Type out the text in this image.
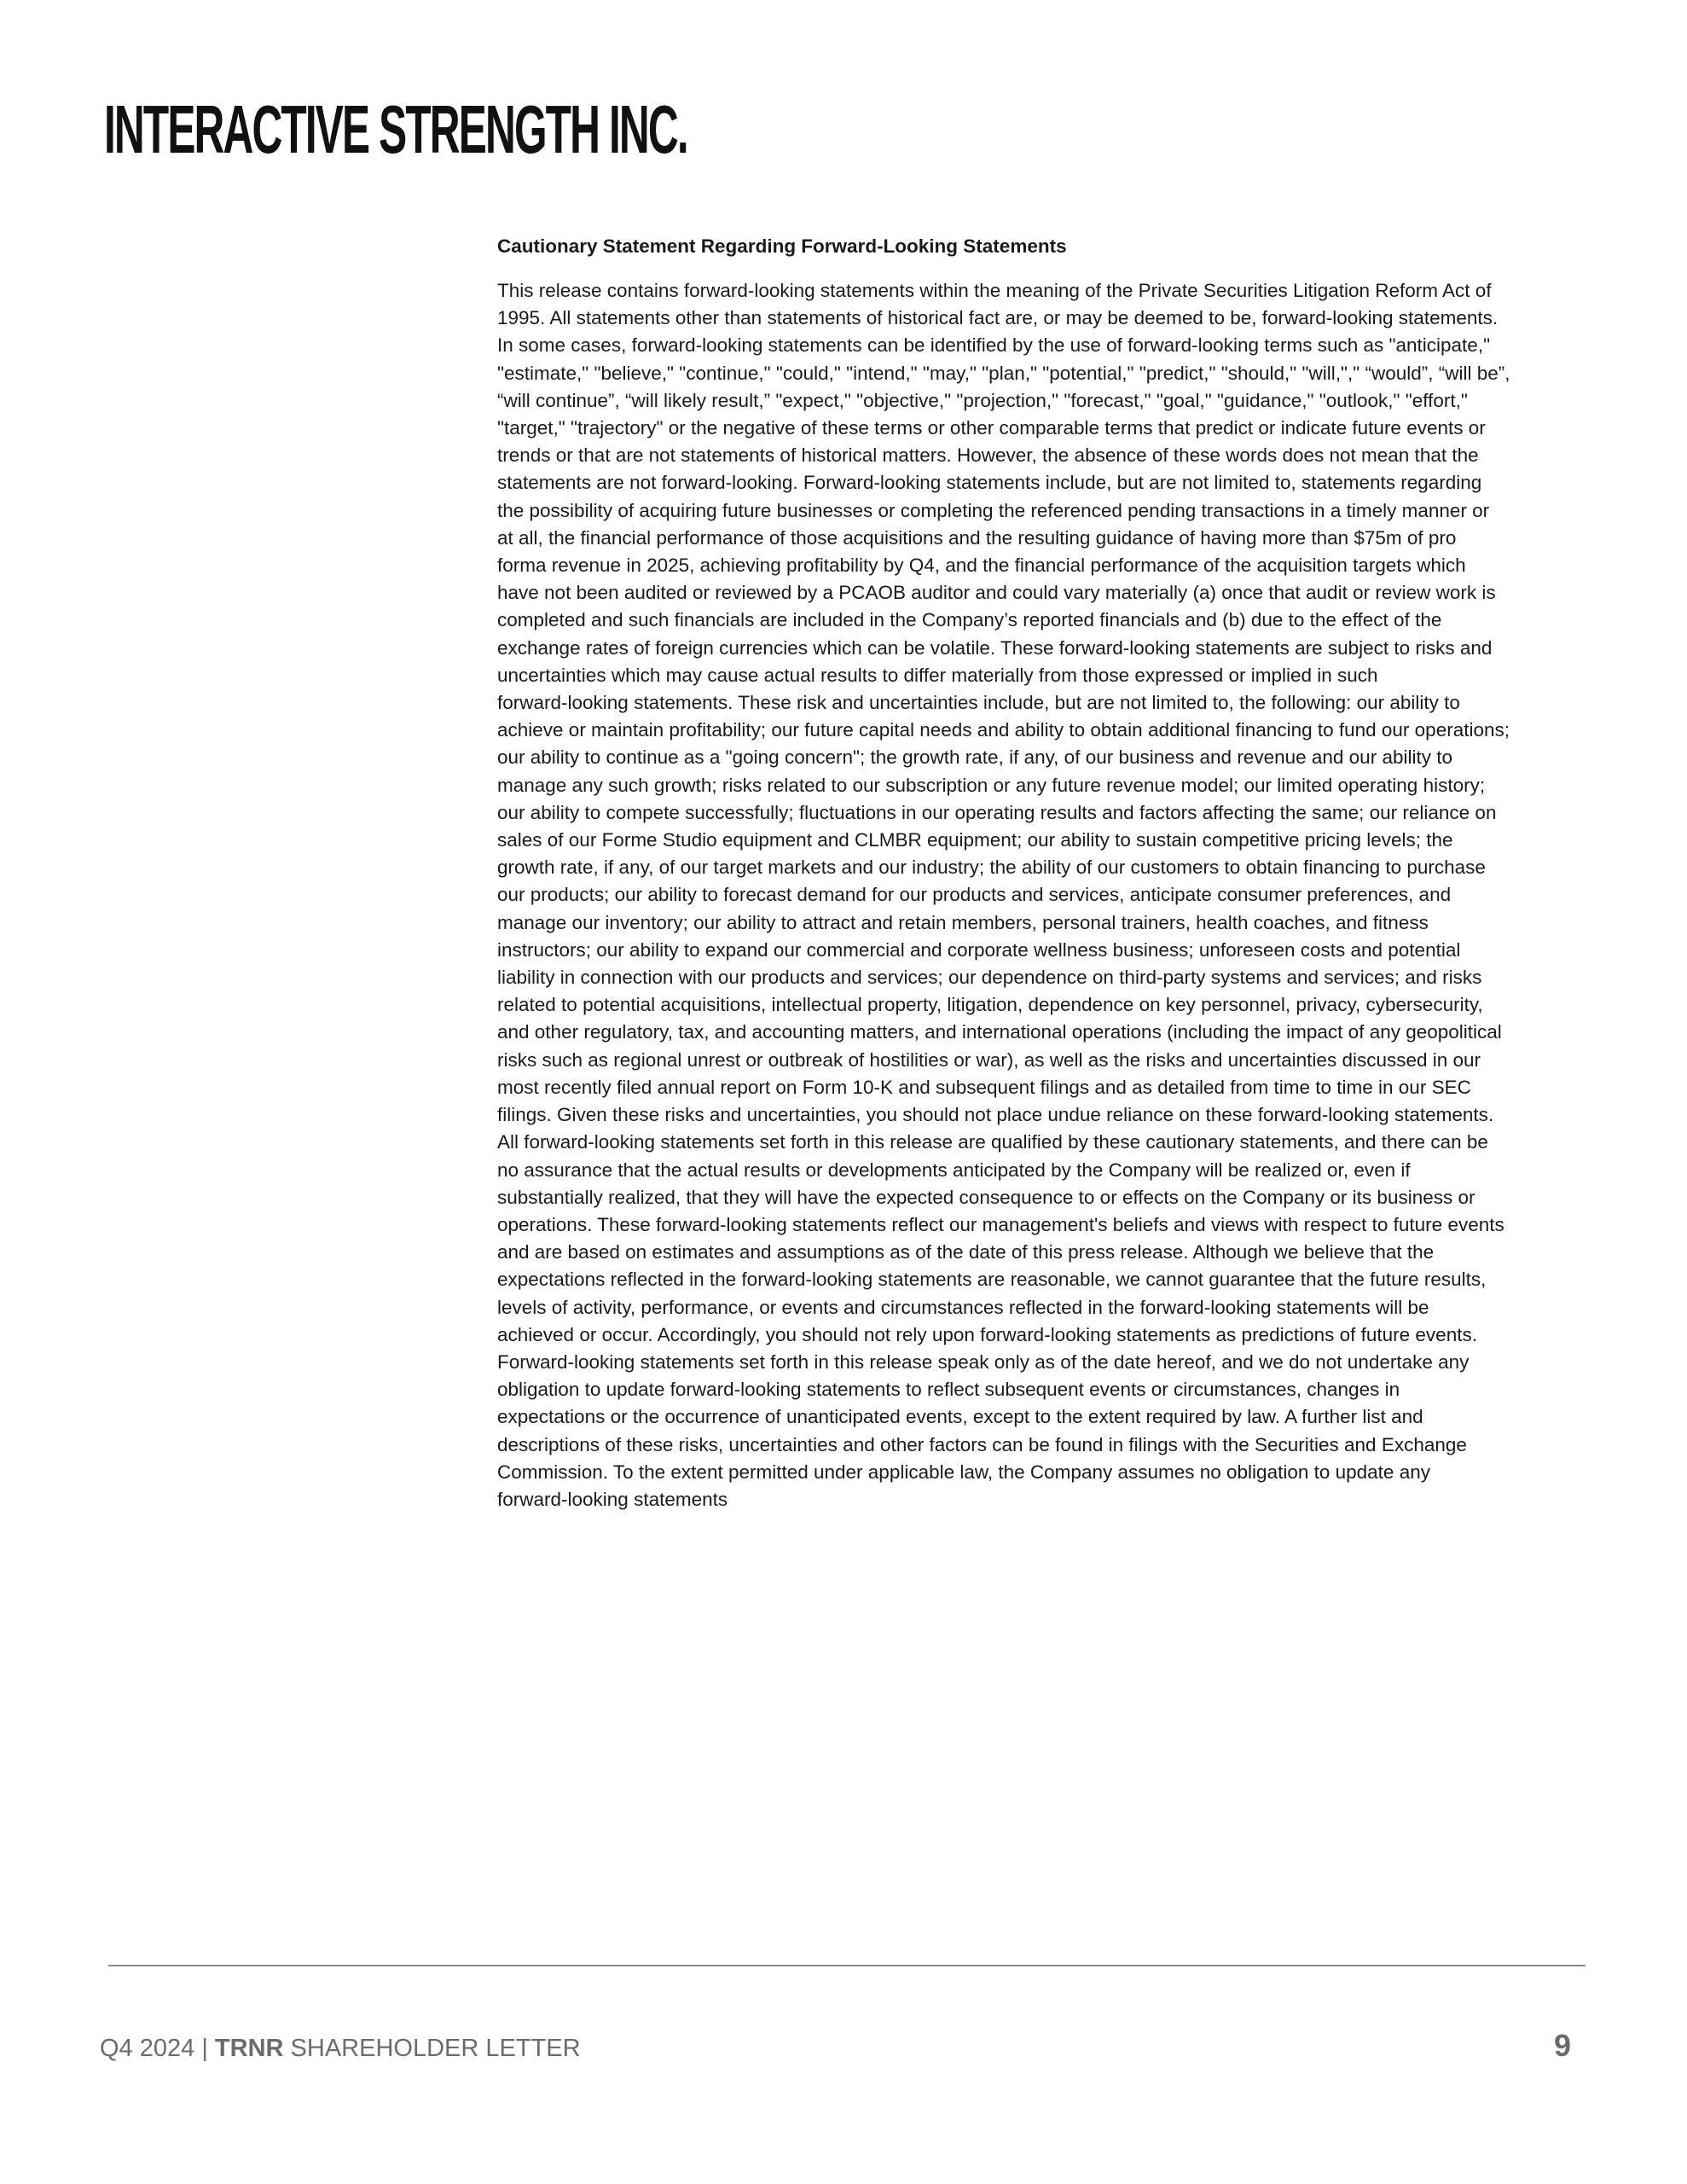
INTERACTIVE STRENGTH INC.
Cautionary Statement Regarding Forward-Looking Statements

This release contains forward-looking statements within the meaning of the Private Securities Litigation Reform Act of
1995. All statements other than statements of historical fact are, or may be deemed to be, forward-looking statements.
In some cases, forward-looking statements can be identified by the use of forward-looking terms such as "anticipate,"
"estimate," "believe," "continue," "could," "intend," "may," "plan," "potential," "predict," "should," "will,"," “would”, “will be”,
“will continue”, “will likely result,” "expect," "objective," "projection," "forecast," "goal," "guidance," "outlook," "effort,"
"target," "trajectory" or the negative of these terms or other comparable terms that predict or indicate future events or
trends or that are not statements of historical matters. However, the absence of these words does not mean that the
statements are not forward-looking. Forward-looking statements include, but are not limited to, statements regarding
the possibility of acquiring future businesses or completing the referenced pending transactions in a timely manner or
at all, the financial performance of those acquisitions and the resulting guidance of having more than $75m of pro
forma revenue in 2025, achieving profitability by Q4, and the financial performance of the acquisition targets which
have not been audited or reviewed by a PCAOB auditor and could vary materially (a) once that audit or review work is
completed and such financials are included in the Company’s reported financials and (b) due to the effect of the
exchange rates of foreign currencies which can be volatile. These forward-looking statements are subject to risks and
uncertainties which may cause actual results to differ materially from those expressed or implied in such
forward-looking statements. These risk and uncertainties include, but are not limited to, the following: our ability to
achieve or maintain profitability; our future capital needs and ability to obtain additional financing to fund our operations;
our ability to continue as a "going concern"; the growth rate, if any, of our business and revenue and our ability to
manage any such growth; risks related to our subscription or any future revenue model; our limited operating history;
our ability to compete successfully; fluctuations in our operating results and factors affecting the same; our reliance on
sales of our Forme Studio equipment and CLMBR equipment; our ability to sustain competitive pricing levels; the
growth rate, if any, of our target markets and our industry; the ability of our customers to obtain financing to purchase
our products; our ability to forecast demand for our products and services, anticipate consumer preferences, and
manage our inventory; our ability to attract and retain members, personal trainers, health coaches, and fitness
instructors; our ability to expand our commercial and corporate wellness business; unforeseen costs and potential
liability in connection with our products and services; our dependence on third-party systems and services; and risks
related to potential acquisitions, intellectual property, litigation, dependence on key personnel, privacy, cybersecurity,
and other regulatory, tax, and accounting matters, and international operations (including the impact of any geopolitical
risks such as regional unrest or outbreak of hostilities or war), as well as the risks and uncertainties discussed in our
most recently filed annual report on Form 10-K and subsequent filings and as detailed from time to time in our SEC
filings. Given these risks and uncertainties, you should not place undue reliance on these forward-looking statements.
All forward-looking statements set forth in this release are qualified by these cautionary statements, and there can be
no assurance that the actual results or developments anticipated by the Company will be realized or, even if
substantially realized, that they will have the expected consequence to or effects on the Company or its business or
operations. These forward-looking statements reflect our management's beliefs and views with respect to future events
and are based on estimates and assumptions as of the date of this press release. Although we believe that the
expectations reflected in the forward-looking statements are reasonable, we cannot guarantee that the future results,
levels of activity, performance, or events and circumstances reflected in the forward-looking statements will be
achieved or occur. Accordingly, you should not rely upon forward-looking statements as predictions of future events.
Forward-looking statements set forth in this release speak only as of the date hereof, and we do not undertake any
obligation to update forward-looking statements to reflect subsequent events or circumstances, changes in
expectations or the occurrence of unanticipated events, except to the extent required by law. A further list and
descriptions of these risks, uncertainties and other factors can be found in filings with the Securities and Exchange
Commission. To the extent permitted under applicable law, the Company assumes no obligation to update any
forward-looking statements

Q4 2024 | TRNR SHAREHOLDER LETTER	9
